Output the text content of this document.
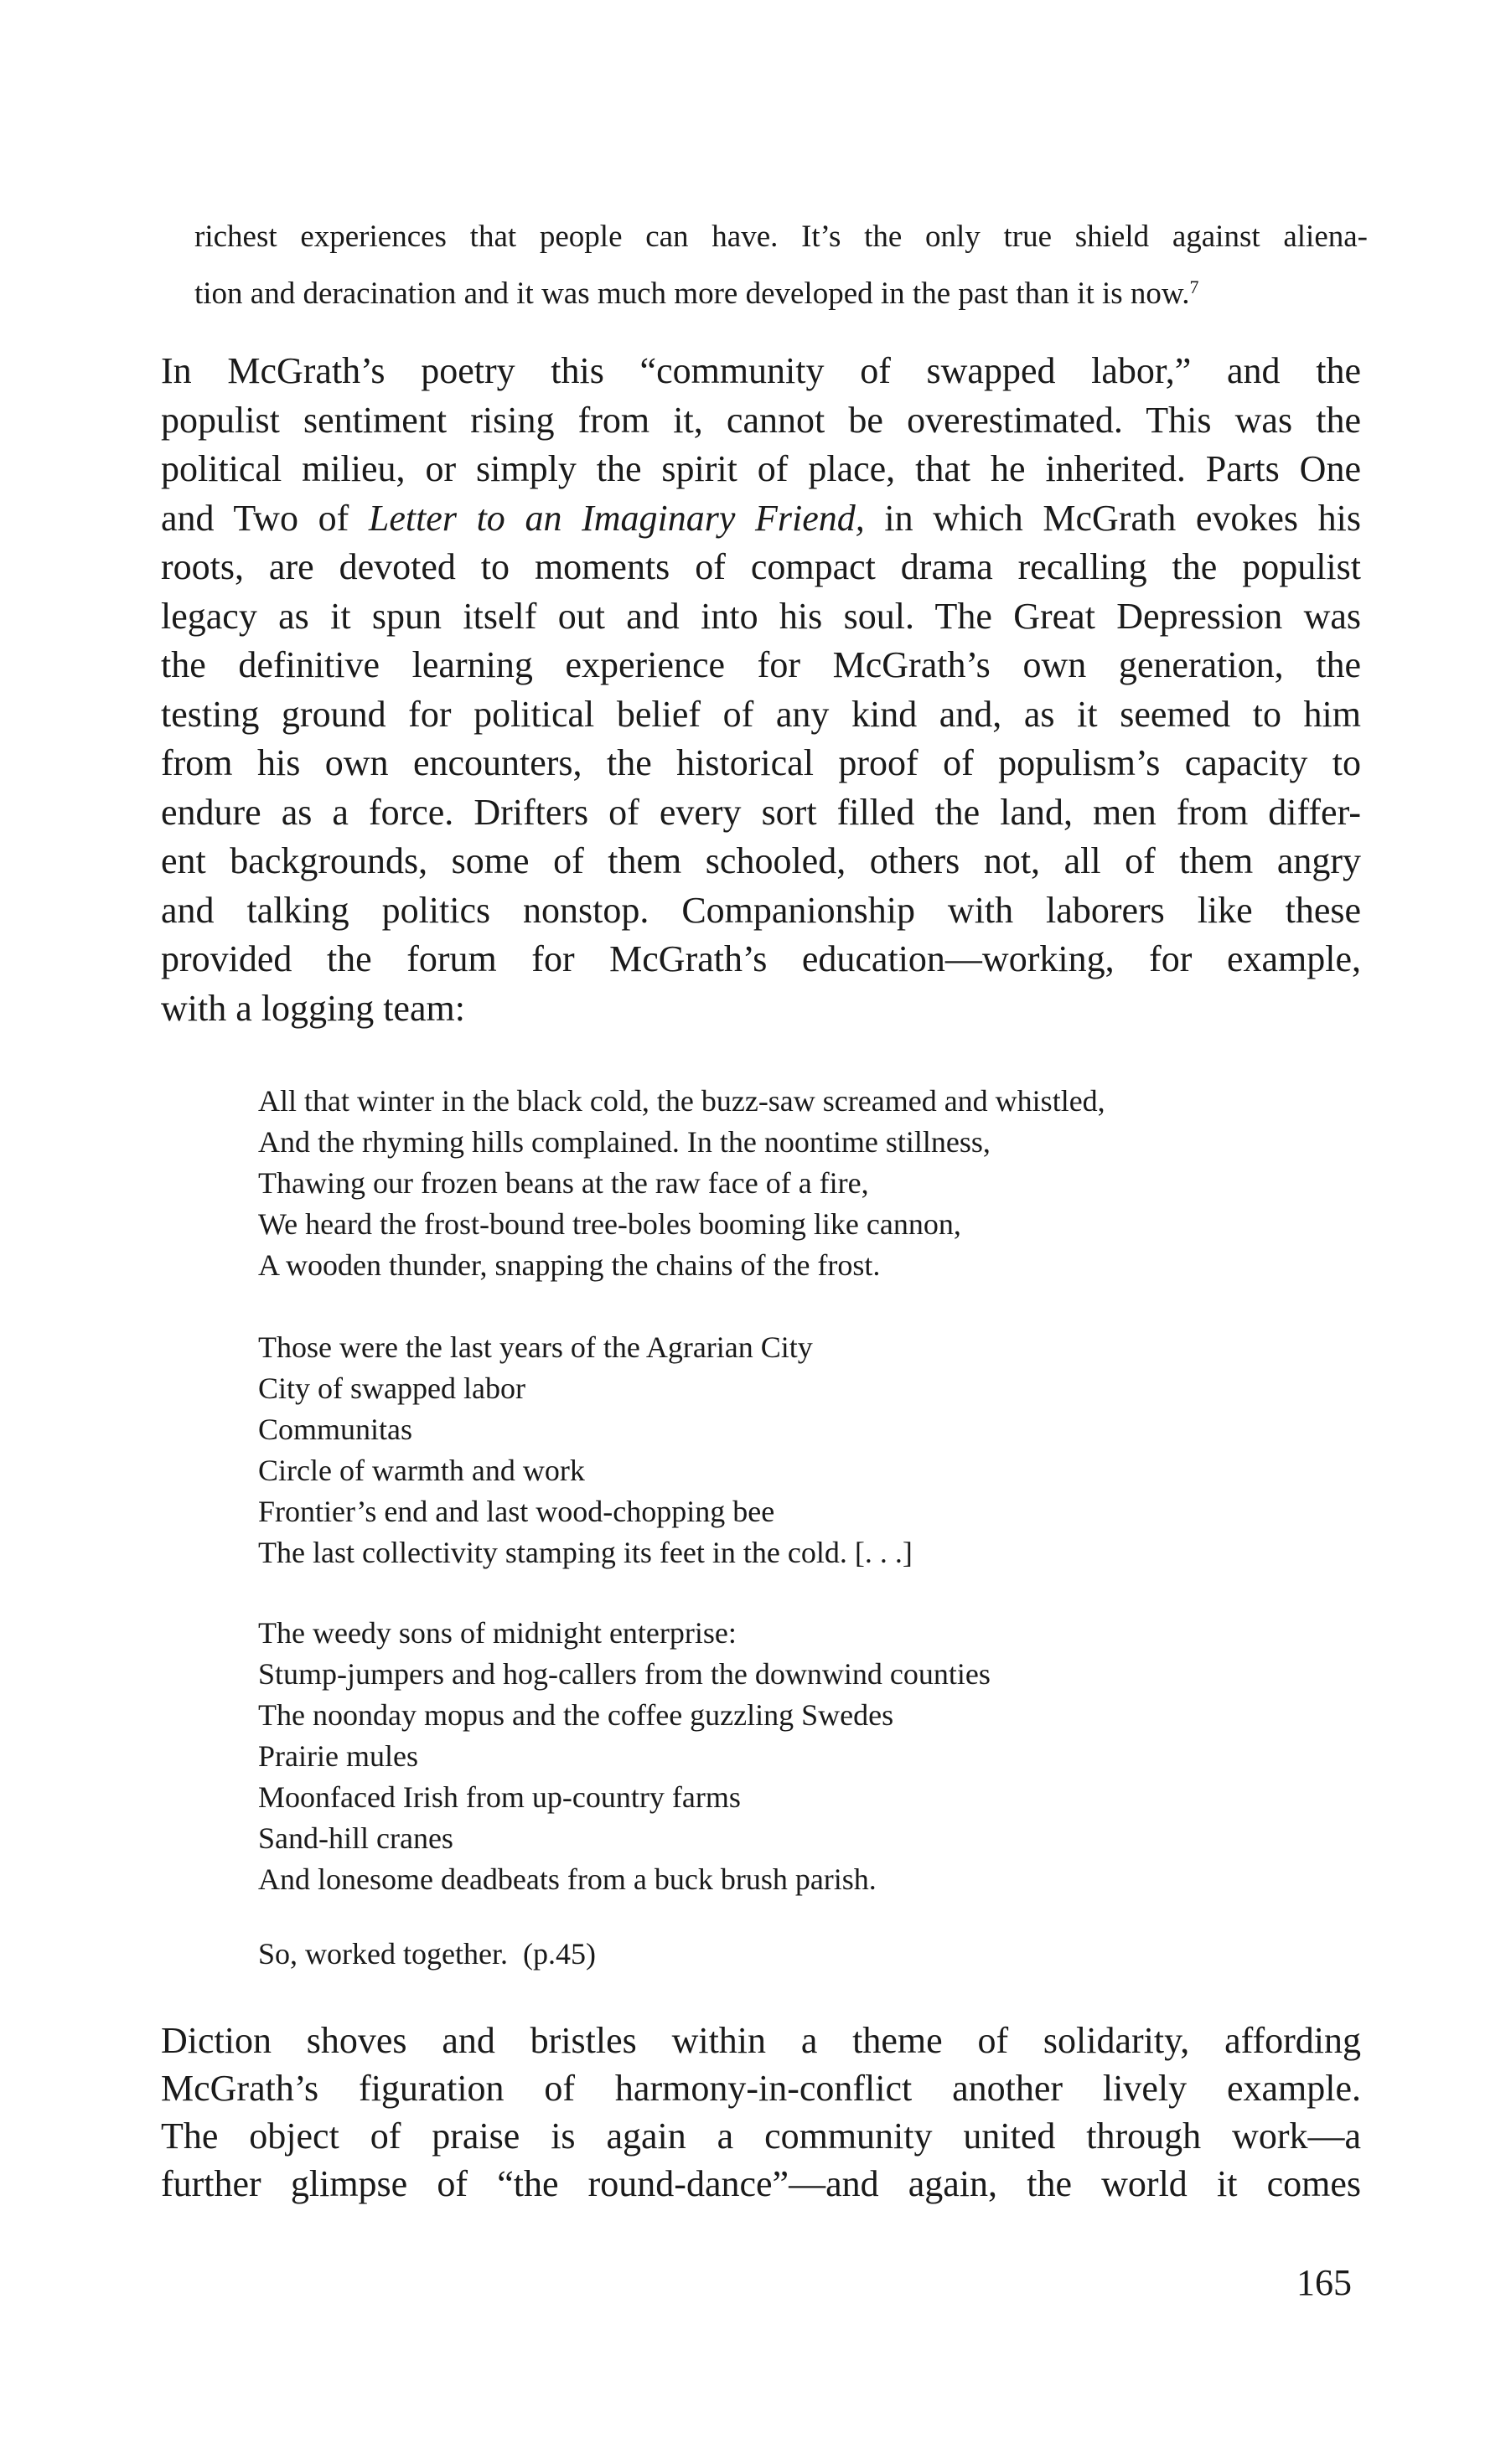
richest experiences that people can have. It’s the only true shield against aliena-

tion and deracination and it was much more developed in the past than it is now.$^7$

In McGrath’s poetry this “community of swapped labor,” and the

populist sentiment rising from it, cannot be overestimated. This was the

political milieu, or simply the spirit of place, that he inherited. Parts One

and Two of Letter to an Imaginary Friend, in which McGrath evokes his

roots, are devoted to moments of compact drama recalling the populist

legacy as it spun itself out and into his soul. The Great Depression was

the definitive learning experience for McGrath’s own generation, the

testing ground for political belief of any kind and, as it seemed to him

from his own encounters, the historical proof of populism’s capacity to

endure as a force. Drifters of every sort filled the land, men from differ-

ent backgrounds, some of them schooled, others not, all of them angry

and talking politics nonstop. Companionship with laborers like these

provided the forum for McGrath’s education—working, for example,

with a logging team:

All that winter in the black cold, the buzz-saw screamed and whistled,
And the rhyming hills complained. In the noontime stillness,
Thawing our frozen beans at the raw face of a fire,
We heard the frost-bound tree-boles booming like cannon,
A wooden thunder, snapping the chains of the frost.
Those were the last years of the Agrarian City
City of swapped labor
Communitas
Circle of warmth and work
Frontier’s end and last wood-chopping bee
The last collectivity stamping its feet in the cold. [. . .]
The weedy sons of midnight enterprise:
Stump-jumpers and hog-callers from the downwind counties
The noonday mopus and the coffee guzzling Swedes
Prairie mules
Moonfaced Irish from up-country farms
Sand-hill cranes
And lonesome deadbeats from a buck brush parish.
So, worked together.  (p.45)

Diction shoves and bristles within a theme of solidarity, affording

McGrath’s figuration of harmony-in-conflict another lively example.

The object of praise is again a community united through work—a

further glimpse of “the round-dance”—and again, the world it comes

165
